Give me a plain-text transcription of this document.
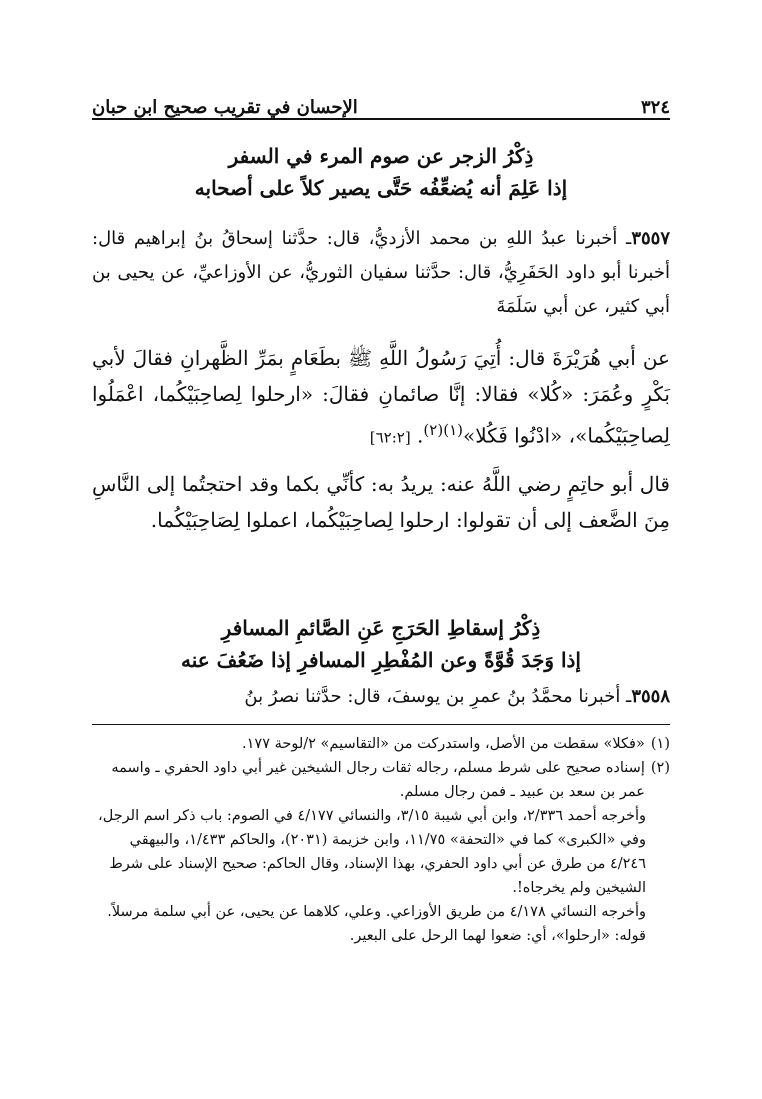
٣٢٤
الإحسان في تقريب صحيح ابن حبان
ذِكْرُ الزجر عن صوم المرء في السفر
إذا عَلِمَ أنه يُضعِّفُه حَتَّى يصير كلاً على أصحابه
٣٥٥٧ـ أخبرنا عبدُ اللهِ بن محمد الأزديُّ، قال: حدَّثنا إسحاقُ بنُ إبراهيم قال: أخبرنا أبو داود الحَفَرِيُّ، قال: حدَّثنا سفيان الثوريُّ، عن الأوزاعيِّ، عن يحيى بن أبي كثير، عن أبي سَلَمَةَ
عن أبي هُرَيْرَةَ قال: أُتِيَ رَسُولُ اللَّهِ ﷺ بطَعَامٍ بمَرِّ الظَّهرانِ فقالَ لأبي بَكْرٍ وعُمَرَ: «كُلا» فقالا: إنَّا صائمانِ فقالَ: «ارحلوا لِصاحِبَيْكُما، اعْمَلُوا لِصاحِبَيْكُما»، «ادْنُوا فَكُلا»$^{(١)(٢)}$. [٦٢:٢]
قال أبو حاتِمٍ رضي اللَّهُ عنه: يريدُ به: كأنِّي بكما وقد احتجتُما إلى النَّاسِ مِنَ الضَّعف إلى أن تقولوا: ارحلوا لِصاحِبَيْكُما، اعملوا لِصَاحِبَيْكُما.
ذِكْرُ إسقاطِ الحَرَجِ عَنِ الصَّائمِ المسافرِ
إذا وَجَدَ قُوَّةً وعن المُفْطِرِ المسافرِ إذا ضَعُفَ عنه
٣٥٥٨ـ أخبرنا محمَّدُ بنُ عمرِ بن يوسفَ، قال: حدَّثنا نصرُ بنُ
(١)
«فكلا» سقطت من الأصل، واستدركت من «التقاسيم» ٢/لوحة ١٧٧.
(٢)
إسناده صحيح على شرط مسلم، رجاله ثقات رجال الشيخين غير أبي داود الحفري ـ واسمه عمر بن سعد بن عبيد ـ فمن رجال مسلم.
وأخرجه أحمد ٢/٣٣٦، وابن أبي شيبة ٣/١٥، والنسائي ٤/١٧٧ في الصوم: باب ذكر اسم الرجل، وفي «الكبرى» كما في «التحفة» ١١/٧٥، وابن خزيمة (٢٠٣١)، والحاكم ١/٤٣٣، والبيهقي ٤/٢٤٦ من طرق عن أبي داود الحفري، بهذا الإسناد، وقال الحاكم: صحيح الإسناد على شرط الشيخين ولم يخرجاه!.
وأخرجه النسائي ٤/١٧٨ من طريق الأوزاعي. وعلي، كلاهما عن يحيى، عن أبي سلمة مرسلاً.
قوله: «ارحلوا»، أي: ضعوا لهما الرحل على البعير.
